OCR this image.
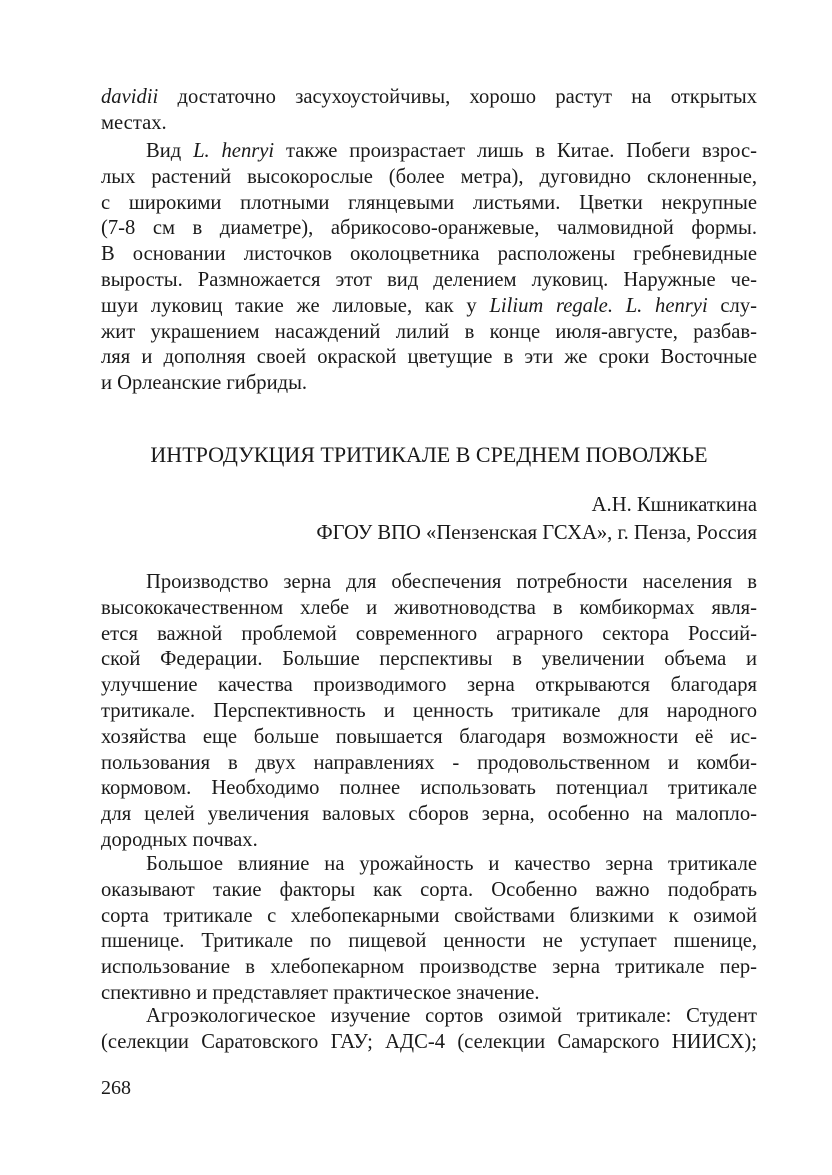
davidii достаточно засухоустойчивы, хорошо растут на открытых
местах.
Вид L. henryi также произрастает лишь в Китае. Побеги взрос-
лых растений высокорослые (более метра), дуговидно склоненные,
с широкими плотными глянцевыми листьями. Цветки некрупные
(7-8 см в диаметре), абрикосово-оранжевые, чалмовидной формы.
В основании листочков околоцветника расположены гребневидные
выросты. Размножается этот вид делением луковиц. Наружные че-
шуи луковиц такие же лиловые, как у Lilium regale. L. henryi слу-
жит украшением насаждений лилий в конце июля-августе, разбав-
ляя и дополняя своей окраской цветущие в эти же сроки Восточные
и Орлеанские гибриды.
ИНТРОДУКЦИЯ ТРИТИКАЛЕ В СРЕДНЕМ ПОВОЛЖЬЕ
А.Н. Кшникаткина
ФГОУ ВПО «Пензенская ГСХА», г. Пенза, Россия
Производство зерна для обеспечения потребности населения в
высококачественном хлебе и животноводства в комбикормах явля-
ется важной проблемой современного аграрного сектора Россий-
ской Федерации. Большие перспективы в увеличении объема и
улучшение качества производимого зерна открываются благодаря
тритикале. Перспективность и ценность тритикале для народного
хозяйства еще больше повышается благодаря возможности её ис-
пользования в двух направлениях - продовольственном и комби-
кормовом. Необходимо полнее использовать потенциал тритикале
для целей увеличения валовых сборов зерна, особенно на малопло-
дородных почвах.
Большое влияние на урожайность и качество зерна тритикале
оказывают такие факторы как сорта. Особенно важно подобрать
сорта тритикале с хлебопекарными свойствами близкими к озимой
пшенице. Тритикале по пищевой ценности не уступает пшенице,
использование в хлебопекарном производстве зерна тритикале пер-
спективно и представляет практическое значение.
Агроэкологическое изучение сортов озимой тритикале: Студент
(селекции Саратовского ГАУ; АДС-4 (селекции Самарского НИИСХ);
268
